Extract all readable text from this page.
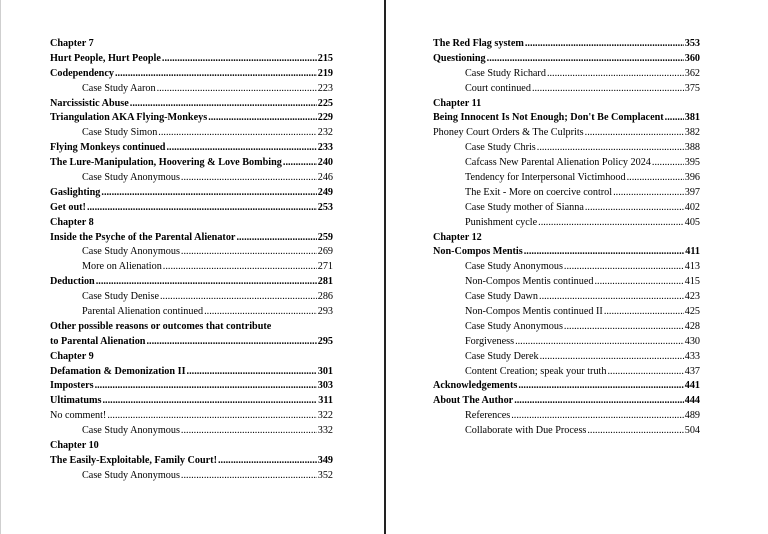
Chapter 7
Hurt People, Hurt People .....	215
Codependency .....	219
Case Study Aaron .....	223
Narcissistic Abuse .....	225
Triangulation AKA Flying-Monkeys .....	229
Case Study Simon .....	232
Flying Monkeys continued .....	233
The Lure-Manipulation, Hoovering & Love Bombing .....	240
Case Study Anonymous .....	246
Gaslighting .....	249
Get out! .....	253
Chapter 8
Inside the Psyche of the Parental Alienator .....	259
Case Study Anonymous .....	269
More on Alienation .....	271
Deduction .....	281
Case Study Denise .....	286
Parental Alienation continued .....	293
Other possible reasons or outcomes that contribute
to Parental Alienation .....	295
Chapter 9
Defamation & Demonization II .....	301
Imposters .....	303
Ultimatums .....	311
No comment! .....	322
Case Study Anonymous .....	332
Chapter 10
The Easily-Exploitable, Family Court! .....	349
Case Study Anonymous .....	352
The Red Flag system .....	353
Questioning .....	360
Case Study Richard .....	362
Court continued .....	375
Chapter 11
Being Innocent Is Not Enough; Don't Be Complacent ..... 381
Phoney Court Orders & The Culprits .....	382
Case Study Chris .....	388
Cafcass New Parental Alienation Policy 2024 .....	395
Tendency for Interpersonal Victimhood .....	396
The Exit - More on coercive control .....	397
Case Study mother of Sianna .....	402
Punishment cycle .....	405
Chapter 12
Non-Compos Mentis .....	411
Case Study Anonymous .....	413
Non-Compos Mentis continued .....	415
Case Study Dawn .....	423
Non-Compos Mentis continued II .....	425
Case Study Anonymous .....	428
Forgiveness .....	430
Case Study Derek .....	433
Content Creation; speak your truth .....	437
Acknowledgements .....	441
About The Author .....	444
References .....	489
Collaborate with Due Process .....	504
